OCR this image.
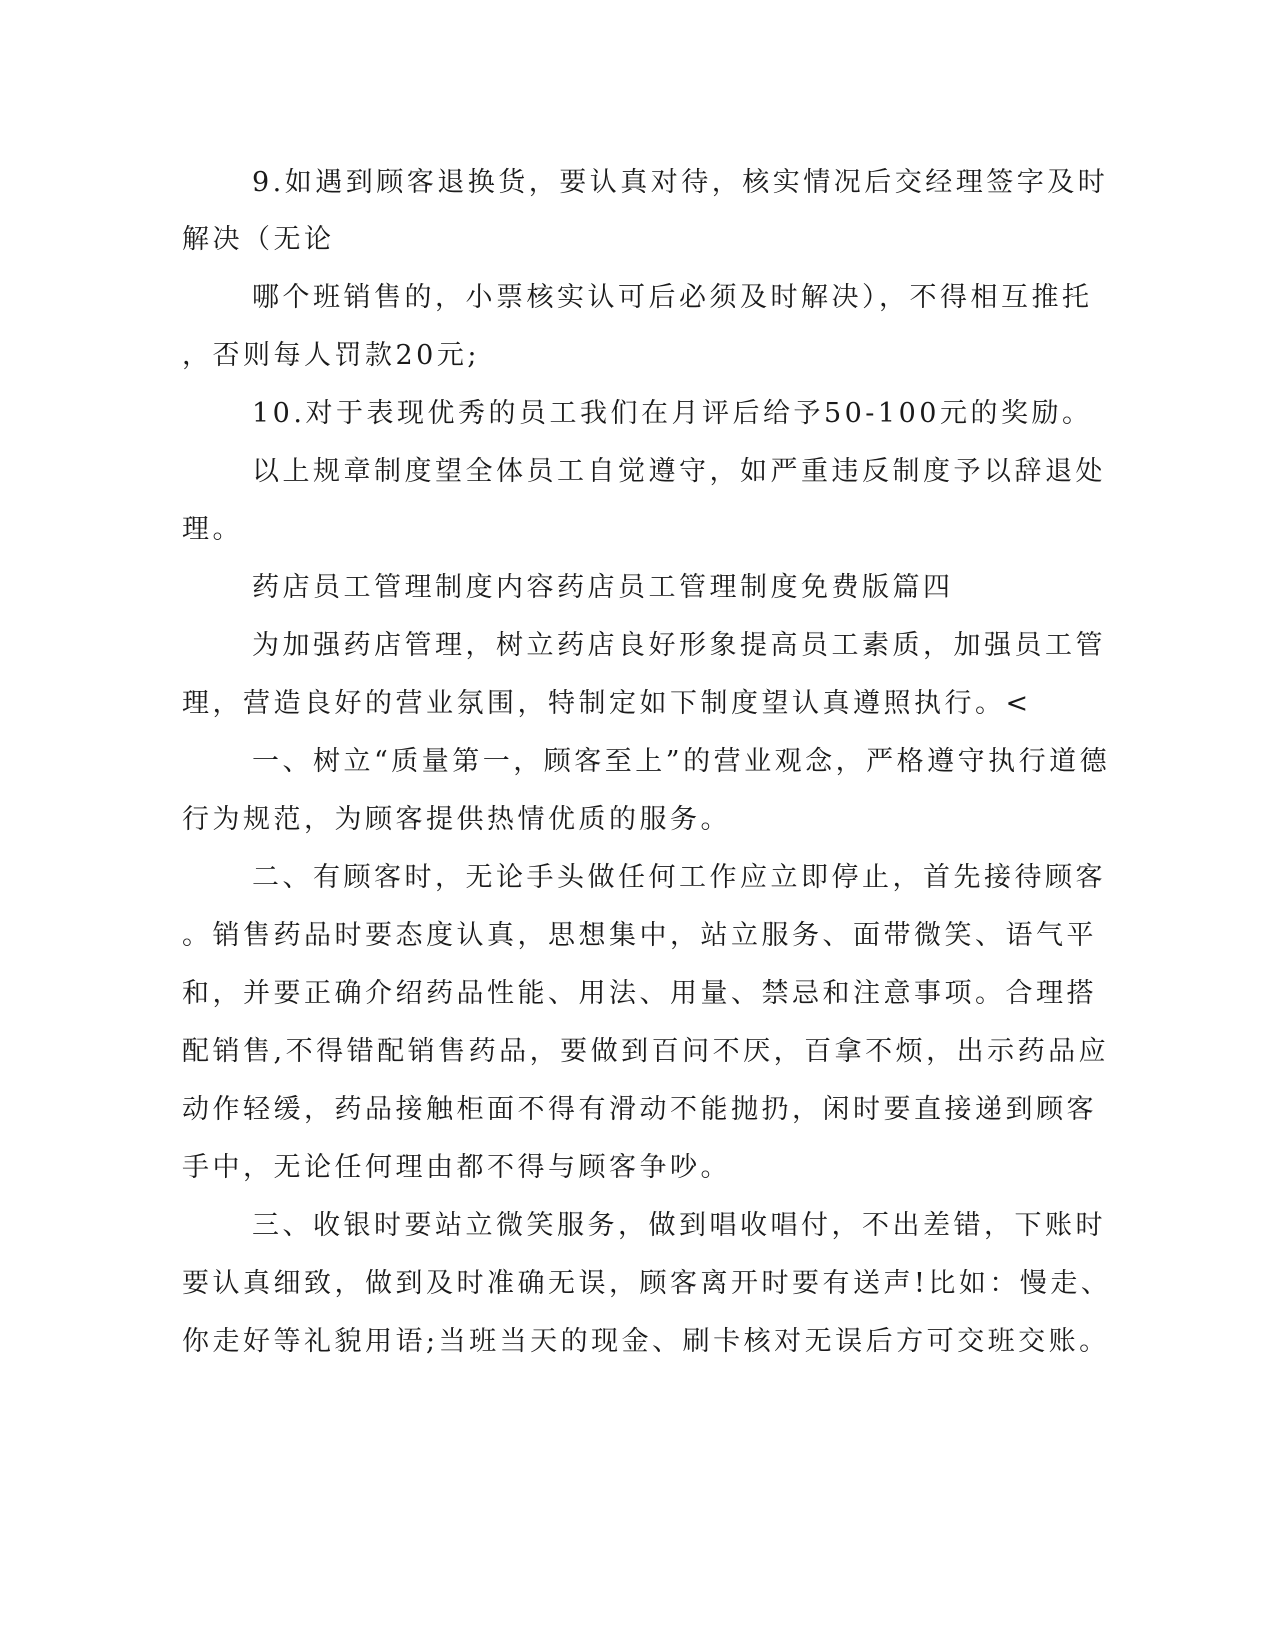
9.如遇到顾客退换货，要认真对待，核实情况后交经理签字及时
解决（无论
哪个班销售的，小票核实认可后必须及时解决），不得相互推托
，否则每人罚款20元;
10.对于表现优秀的员工我们在月评后给予50-100元的奖励。
以上规章制度望全体员工自觉遵守，如严重违反制度予以辞退处
理。
药店员工管理制度内容药店员工管理制度免费版篇四
为加强药店管理，树立药店良好形象提高员工素质，加强员工管
理，营造良好的营业氛围，特制定如下制度望认真遵照执行。<
一、树立“质量第一，顾客至上”的营业观念，严格遵守执行道德
行为规范，为顾客提供热情优质的服务。
二、有顾客时，无论手头做任何工作应立即停止，首先接待顾客
。销售药品时要态度认真，思想集中，站立服务、面带微笑、语气平
和，并要正确介绍药品性能、用法、用量、禁忌和注意事项。合理搭
配销售,不得错配销售药品，要做到百问不厌，百拿不烦，出示药品应
动作轻缓，药品接触柜面不得有滑动不能抛扔，闲时要直接递到顾客
手中，无论任何理由都不得与顾客争吵。
三、收银时要站立微笑服务，做到唱收唱付，不出差错，下账时
要认真细致，做到及时准确无误，顾客离开时要有送声!比如：慢走、
你走好等礼貌用语;当班当天的现金、刷卡核对无误后方可交班交账。
